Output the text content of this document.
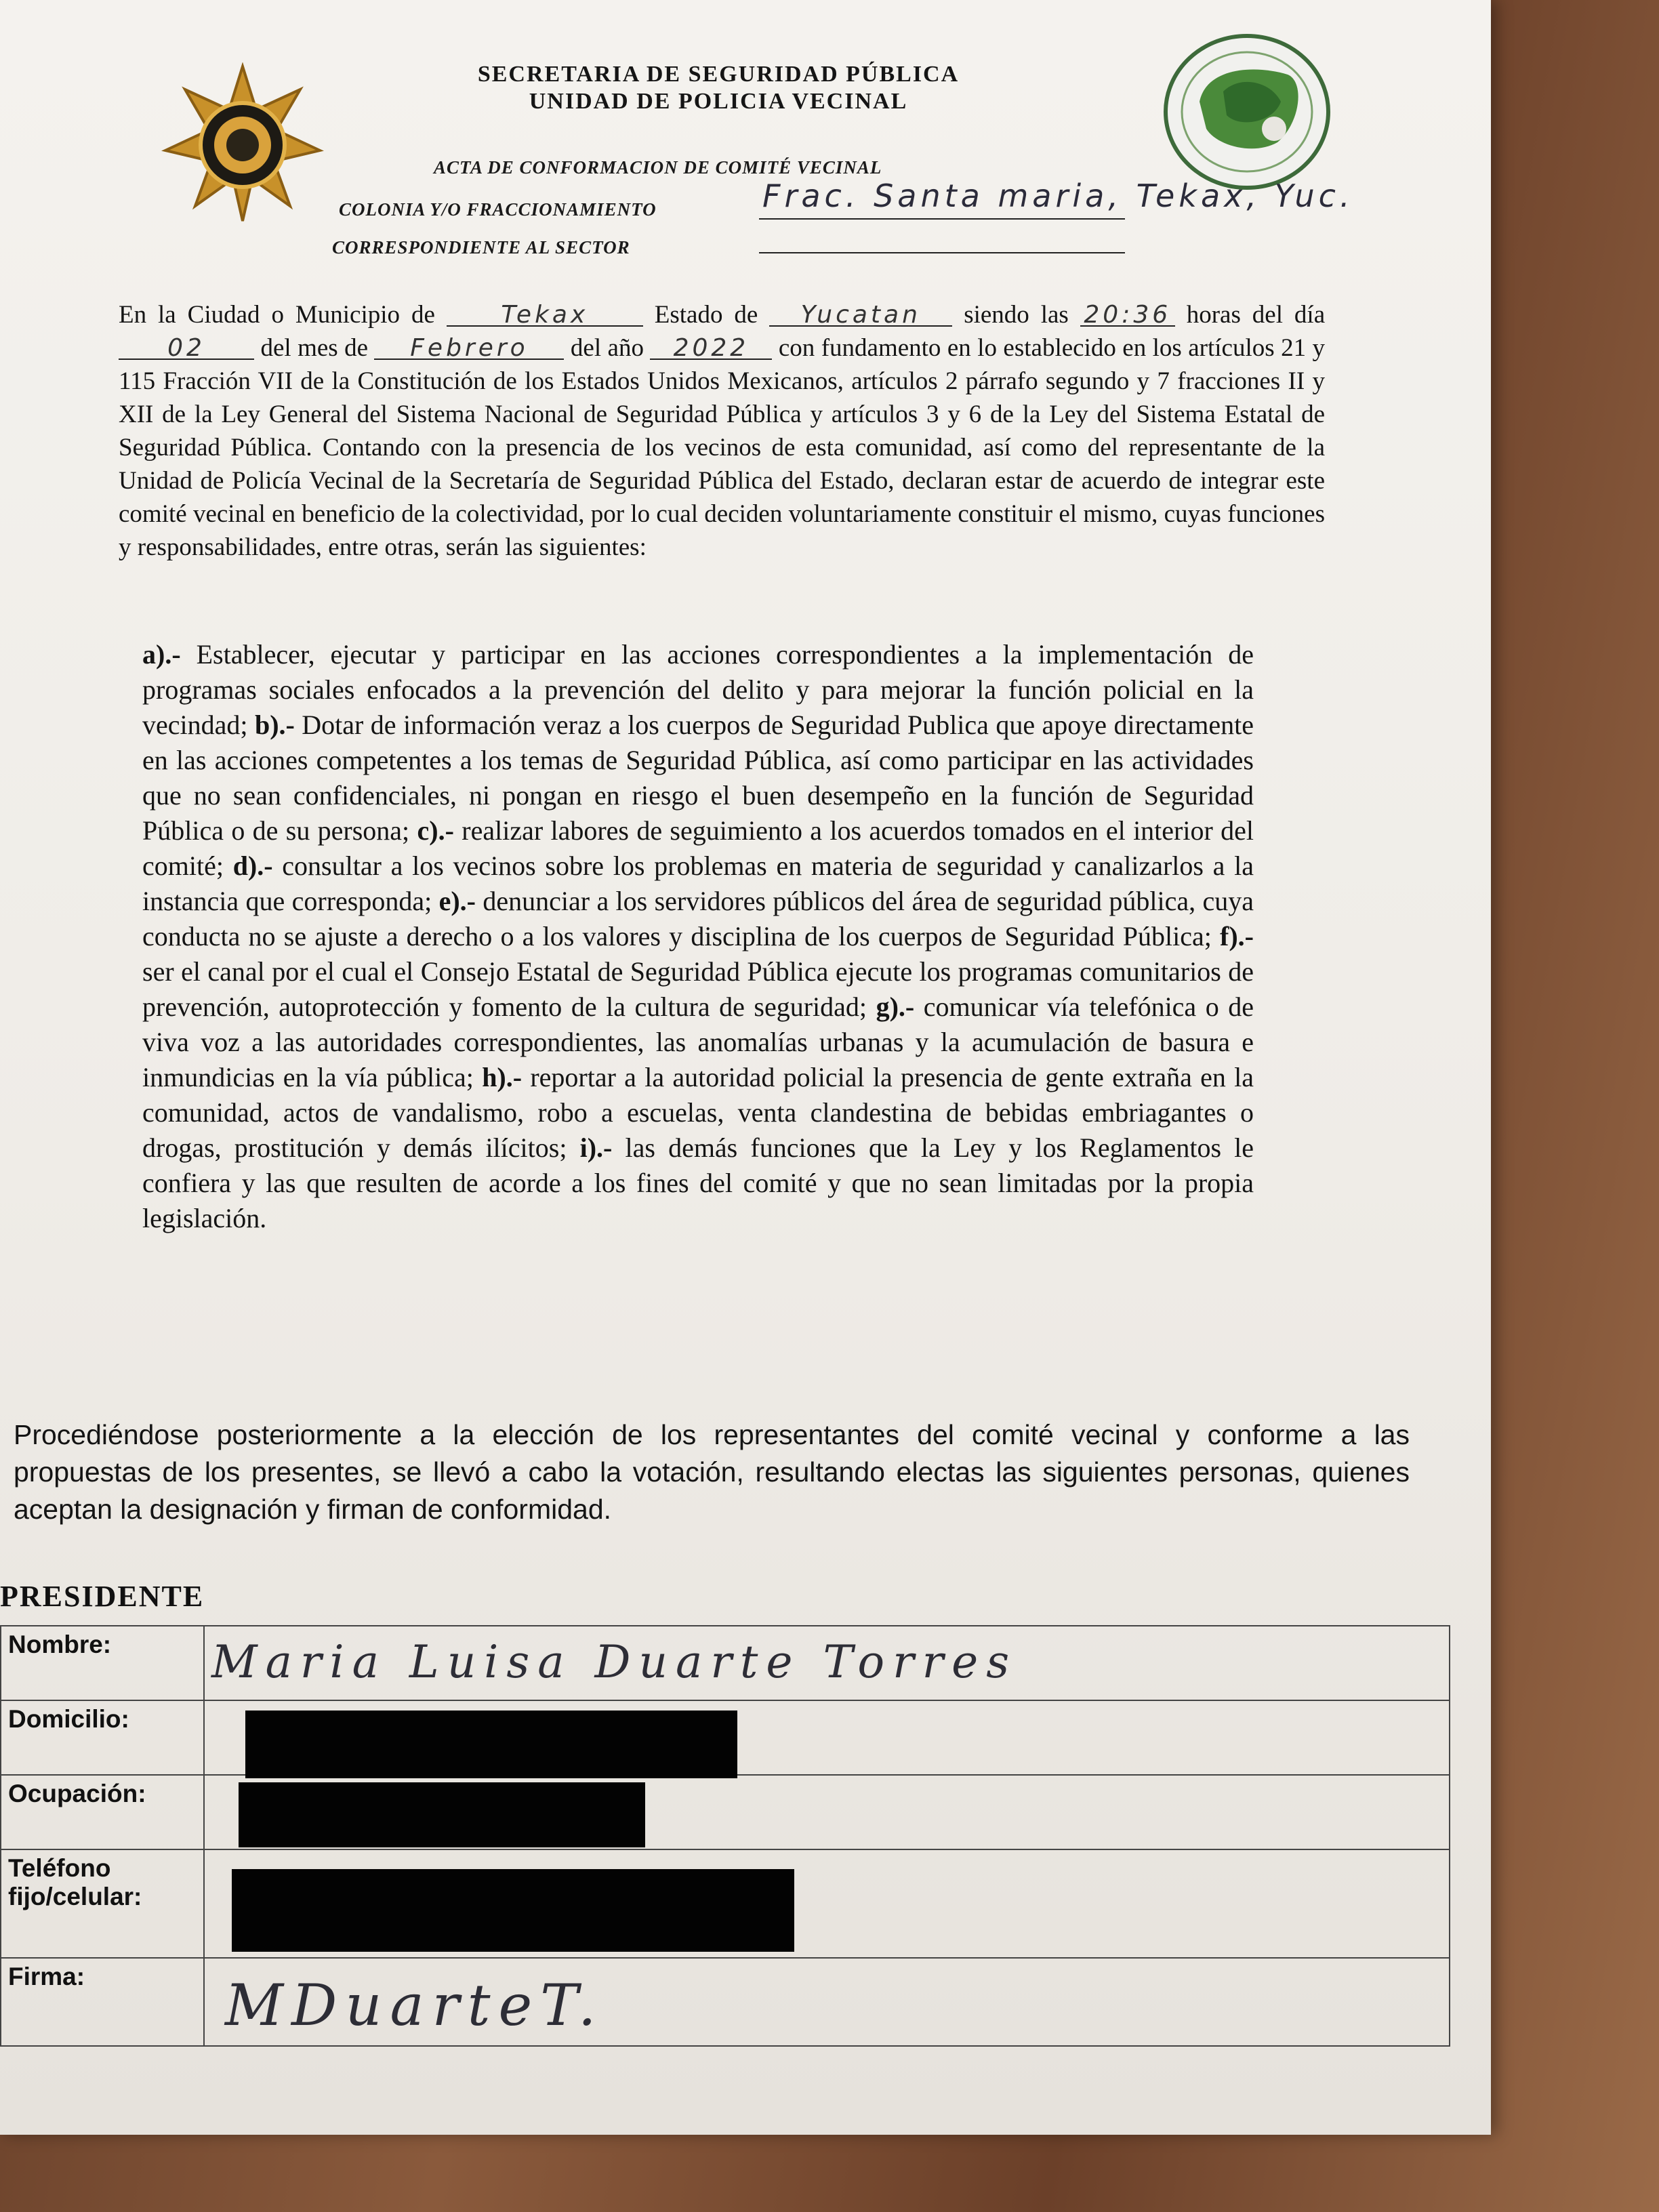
SECRETARIA DE SEGURIDAD PÚBLICA
UNIDAD DE POLICIA VECINAL
ACTA DE CONFORMACION DE COMITÉ VECINAL
COLONIA Y/O FRACCIONAMIENTO	Frac. Santa maria, Tekax, Yuc.
CORRESPONDIENTE AL SECTOR

En la Ciudad o Municipio de	Tekax	Estado de Yucatan siendo las 20:36 horas del día 02 del mes de Febrero del año 2022 con fundamento en lo establecido en los artículos 21 y 115 Fracción VII de la Constitución de los Estados Unidos Mexicanos, artículos 2 párrafo segundo y 7 fracciones II y XII de la Ley General del Sistema Nacional de Seguridad Pública y artículos 3 y 6 de la Ley del Sistema Estatal de Seguridad Pública. Contando con la presencia de los vecinos de esta comunidad, así como del representante de la Unidad de Policía Vecinal de la Secretaría de Seguridad Pública del Estado, declaran estar de acuerdo de integrar este comité vecinal en beneficio de la colectividad, por lo cual deciden voluntariamente constituir el mismo, cuyas funciones y responsabilidades, entre otras, serán las siguientes:

a).- Establecer, ejecutar y participar en las acciones correspondientes a la implementación de programas sociales enfocados a la prevención del delito y para mejorar la función policial en la vecindad; b).- Dotar de información veraz a los cuerpos de Seguridad Publica que apoye directamente en las acciones competentes a los temas de Seguridad Pública, así como participar en las actividades que no sean confidenciales, ni pongan en riesgo el buen desempeño en la función de Seguridad Pública o de su persona; c).- realizar labores de seguimiento a los acuerdos tomados en el interior del comité; d).- consultar a los vecinos sobre los problemas en materia de seguridad y canalizarlos a la instancia que corresponda; e).- denunciar a los servidores públicos del área de seguridad pública, cuya conducta no se ajuste a derecho o a los valores y disciplina de los cuerpos de Seguridad Pública; f).- ser el canal por el cual el Consejo Estatal de Seguridad Pública ejecute los programas comunitarios de prevención, autoprotección y fomento de la cultura de seguridad; g).- comunicar vía telefónica o de viva voz a las autoridades correspondientes, las anomalías urbanas y la acumulación de basura e inmundicias en la vía pública; h).- reportar a la autoridad policial la presencia de gente extraña en la comunidad, actos de vandalismo, robo a escuelas, venta clandestina de bebidas embriagantes o drogas, prostitución y demás ilícitos; i).- las demás funciones que la Ley y los Reglamentos le confiera y las que resulten de acorde a los fines del comité y que no sean limitadas por la propia legislación.

Procediéndose posteriormente a la elección de los representantes del comité vecinal y conforme a las propuestas de los presentes, se llevó a cabo la votación, resultando electas las siguientes personas, quienes aceptan la designación y firman de conformidad.

PRESIDENTE
Nombre:	Maria Luisa Duarte Torres

Domicilio:	

Ocupación:	

Teléfono
fijo/celular:	

Firma:	MDuarteT.
